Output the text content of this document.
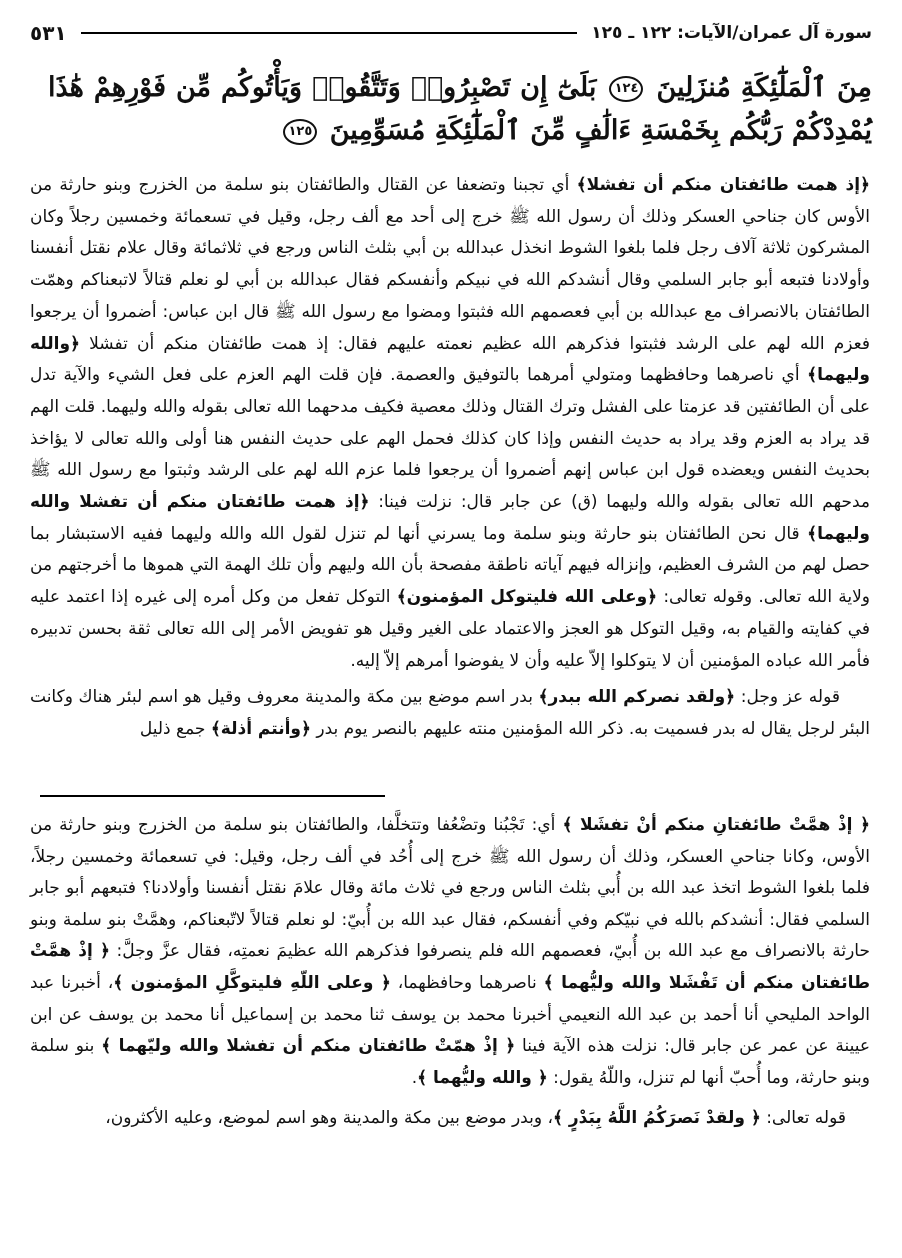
سورة آل عمران/الآيات: ١٢٢ ـ ١٢٥
٥٣١
مِنَ ٱلْمَلَٰٓئِكَةِ مُنزَلِينَ ١٢٤ بَلَىٰٓ إِن تَصْبِرُوا۟ وَتَتَّقُوا۟ وَيَأْتُوكُم مِّن فَوْرِهِمْ هَٰذَا يُمْدِدْكُمْ رَبُّكُم بِخَمْسَةِ ءَالَٰفٍ مِّنَ ٱلْمَلَٰٓئِكَةِ مُسَوِّمِينَ ١٢٥

﴿إذ همت طائفتان منكم أن تفشلا﴾ أي تجبنا وتضعفا عن القتال والطائفتان بنو سلمة من الخزرج وبنو حارثة من الأوس كان جناحي العسكر وذلك أن رسول الله ﷺ خرج إلى أحد مع ألف رجل، وقيل في تسعمائة وخمسين رجلاً وكان المشركون ثلاثة آلاف رجل فلما بلغوا الشوط انخذل عبدالله بن أبي بثلث الناس ورجع في ثلاثمائة وقال علام نقتل أنفسنا وأولادنا فتبعه أبو جابر السلمي وقال أنشدكم الله في نبيكم وأنفسكم فقال عبدالله بن أبي لو نعلم قتالاً لاتبعناكم وهمّت الطائفتان بالانصراف مع عبدالله بن أبي فعصمهم الله فثبتوا ومضوا مع رسول الله ﷺ قال ابن عباس: أضمروا أن يرجعوا فعزم الله لهم على الرشد فثبتوا فذكرهم الله عظيم نعمته عليهم فقال: إذ همت طائفتان منكم أن تفشلا ﴿والله وليهما﴾ أي ناصرهما وحافظهما ومتولي أمرهما بالتوفيق والعصمة. فإن قلت الهم العزم على فعل الشيء والآية تدل على أن الطائفتين قد عزمتا على الفشل وترك القتال وذلك معصية فكيف مدحهما الله تعالى بقوله والله وليهما. قلت الهم قد يراد به العزم وقد يراد به حديث النفس وإذا كان كذلك فحمل الهم على حديث النفس هنا أولى والله تعالى لا يؤاخذ بحديث النفس ويعضده قول ابن عباس إنهم أضمروا أن يرجعوا فلما عزم الله لهم على الرشد وثبتوا مع رسول الله ﷺ مدحهم الله تعالى بقوله والله وليهما (ق) عن جابر قال: نزلت فينا: ﴿إذ همت طائفتان منكم أن تفشلا والله وليهما﴾ قال نحن الطائفتان بنو حارثة وبنو سلمة وما يسرني أنها لم تنزل لقول الله والله وليهما ففيه الاستبشار بما حصل لهم من الشرف العظيم، وإنزاله فيهم آياته ناطقة مفصحة بأن الله وليهم وأن تلك الهمة التي هموها ما أخرجتهم من ولاية الله تعالى. وقوله تعالى: ﴿وعلى الله فليتوكل المؤمنون﴾ التوكل تفعل من وكل أمره إلى غيره إذا اعتمد عليه في كفايته والقيام به، وقيل التوكل هو العجز والاعتماد على الغير وقيل هو تفويض الأمر إلى الله تعالى ثقة بحسن تدبيره فأمر الله عباده المؤمنين أن لا يتوكلوا إلاّ عليه وأن لا يفوضوا أمرهم إلاّ إليه.

قوله عز وجل: ﴿ولقد نصركم الله ببدر﴾ بدر اسم موضع بين مكة والمدينة معروف وقيل هو اسم لبئر هناك وكانت البئر لرجل يقال له بدر فسميت به. ذكر الله المؤمنين منته عليهم بالنصر يوم بدر ﴿وأنتم أذلة﴾ جمع ذليل

﴿ إذْ همَّتْ طائفتانِ منكم أنْ تفشَلا ﴾ أي: تَجْبُنا وتضْعُفا وتتخلَّفا، والطائفتان بنو سلمة من الخزرج وبنو حارثة من الأوس، وكانا جناحي العسكر، وذلك أن رسول الله ﷺ خرج إلى أُحُد في ألف رجل، وقيل: في تسعمائة وخمسين رجلاً، فلما بلغوا الشوط اتخذ عبد الله بن أُبي بثلث الناس ورجع في ثلاث مائة وقال علامَ نقتل أنفسنا وأولادنا؟ فتبعهم أبو جابر السلمي فقال: أنشدكم بالله في نبيّكم وفي أنفسكم، فقال عبد الله بن أُبيّ: لو نعلم قتالاً لاتّبعناكم، وهمَّتْ بنو سلمة وبنو حارثة بالانصراف مع عبد الله بن أُبيّ، فعصمهم الله فلم ينصرفوا فذكرهم الله عظيمَ نعمتِه، فقال عزَّ وجلَّ: ﴿ إذْ همَّتْ طائفتان منكم أن تَفْشَلا والله وليُّهما ﴾ ناصرهما وحافظهما، ﴿ وعلى اللّهِ فليتوكَّلِ المؤمنون ﴾، أخبرنا عبد الواحد المليحي أنا أحمد بن عبد الله النعيمي أخبرنا محمد بن يوسف ثنا محمد بن إسماعيل أنا محمد بن يوسف عن ابن عيينة عن عمر عن جابر قال: نزلت هذه الآية فينا ﴿ إذْ همّتْ طائفتان منكم أن تفشلا والله وليّهما ﴾ بنو سلمة وبنو حارثة، وما أُحبّ أنها لم تنزل، واللّهُ يقول: ﴿ والله وليُّهما ﴾.

قوله تعالى: ﴿ ولقدْ نَصرَكُمُ اللَّهُ بِبَدْرٍ ﴾، وبدر موضع بين مكة والمدينة وهو اسم لموضع، وعليه الأكثرون،
